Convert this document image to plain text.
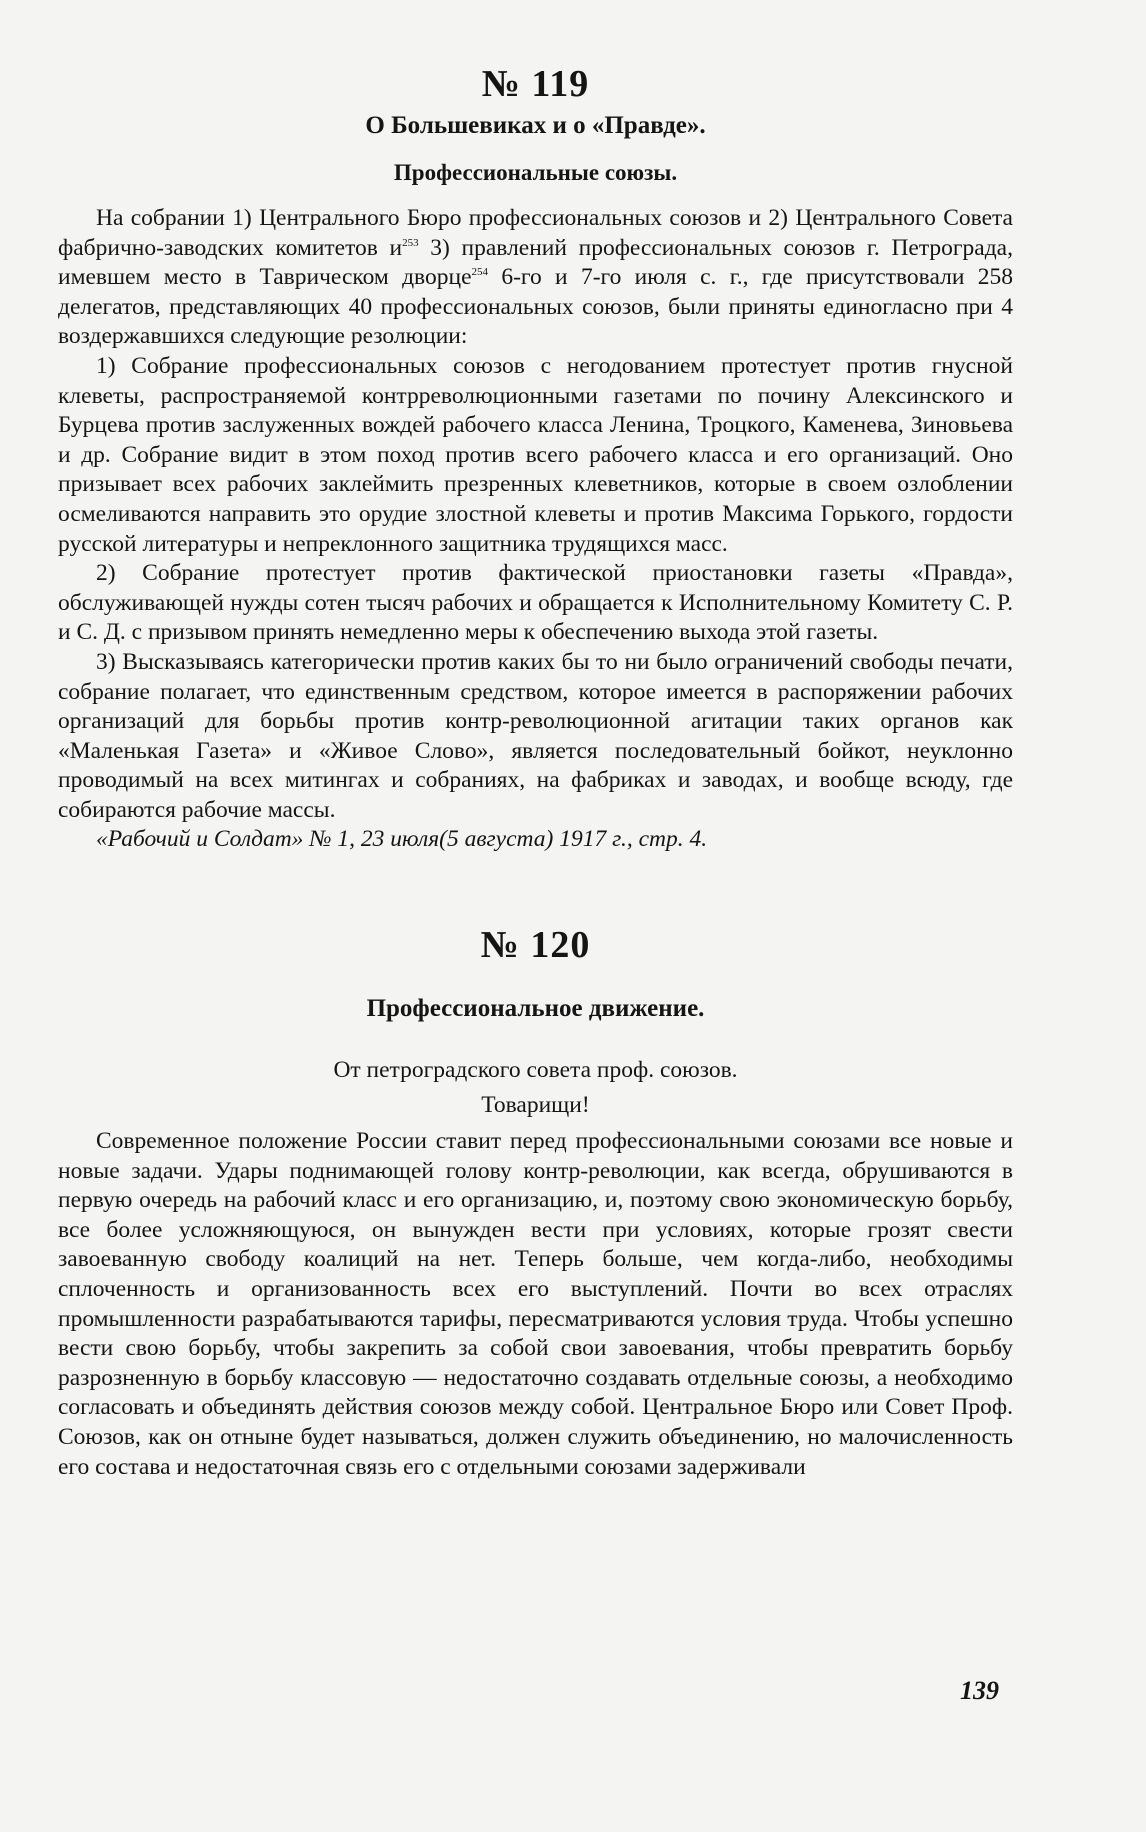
№ 119
О Большевиках и о «Правде».
Профессиональные союзы.

На собрании 1) Центрального Бюро профессиональных союзов и 2) Центрального Совета фабрично-заводских комитетов $и^{253}$ 3) правлений профессиональных союзов г. Петрограда, имевшем место в Таврическом дворце$^{254}$ 6-го и 7-го июля с. г., где присутствовали 258 делегатов, представляющих 40 профессиональных союзов, были приняты единогласно при 4 воздержавшихся следующие резолюции:

1) Собрание профессиональных союзов с негодованием протестует против гнусной клеветы, распространяемой контрреволюционными газетами по почину Алексинского и Бурцева против заслуженных вождей рабочего класса Ленина, Троцкого, Каменева, Зиновьева и др. Собрание видит в этом поход против всего рабочего класса и его организаций. Оно призывает всех рабочих заклеймить презренных клеветников, которые в своем озлоблении осмеливаются направить это орудие злостной клеветы и против Максима Горького, гордости русской литературы и непреклонного защитника трудящихся масс.

2) Собрание протестует против фактической приостановки газеты «Правда», обслуживающей нужды сотен тысяч рабочих и обращается к Исполнительному Комитету С. Р. и С. Д. с призывом принять немедленно меры к обеспечению выхода этой газеты.

3) Высказываясь категорически против каких бы то ни было ограничений свободы печати, собрание полагает, что единственным средством, которое имеется в распоряжении рабочих организаций для борьбы против контр-революционной агитации таких органов как «Маленькая Газета» и «Живое Слово», является последовательный бойкот, неуклонно проводимый на всех митингах и собраниях, на фабриках и заводах, и вообще всюду, где собираются рабочие массы.

«Рабочий и Солдат» № 1, 23 июля(5 августа) 1917 г., стр. 4.

№ 120
Профессиональное движение.
От петроградского совета проф. союзов.
Товарищи!

Современное положение России ставит перед профессиональными союзами все новые и новые задачи. Удары поднимающей голову контр-революции, как всегда, обрушиваются в первую очередь на рабочий класс и его организацию, и, поэтому свою экономическую борьбу, все более усложняющуюся, он вынужден вести при условиях, которые грозят свести завоеванную свободу коалиций на нет. Теперь больше, чем когда-либо, необходимы сплоченность и организованность всех его выступлений. Почти во всех отраслях промышленности разрабатываются тарифы, пересматриваются условия труда. Чтобы успешно вести свою борьбу, чтобы закрепить за собой свои завоевания, чтобы превратить борьбу разрозненную в борьбу классовую — недостаточно создавать отдельные союзы, а необходимо согласовать и объединять действия союзов между собой. Центральное Бюро или Совет Проф. Союзов, как он отныне будет называться, должен служить объединению, но малочисленность его состава и недостаточная связь его с отдельными союзами задерживали

139
